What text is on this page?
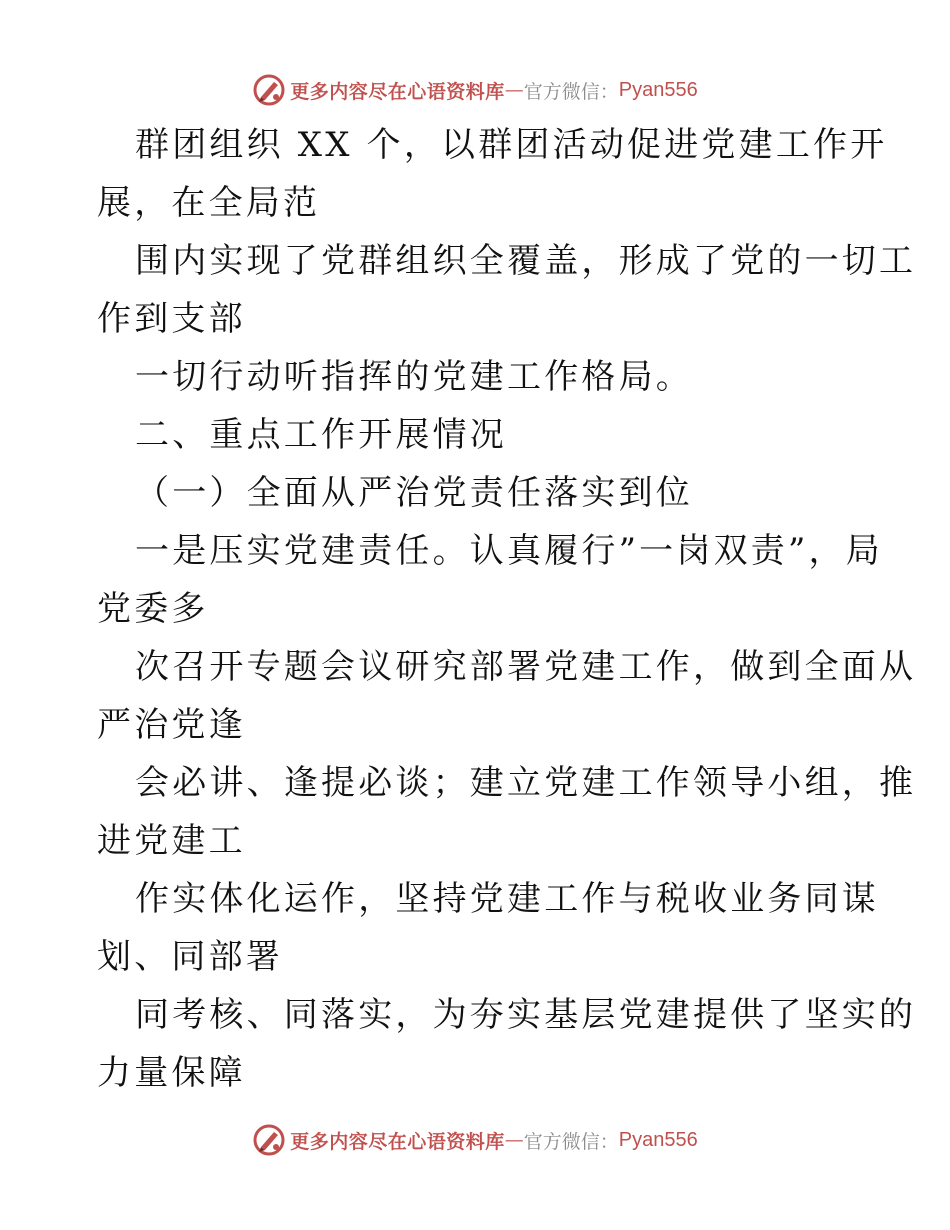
更多内容尽在心语资料库 — 官方微信： Pyan556
群团组织 XX 个，以群团活动促进党建工作开
展，在全局范
围内实现了党群组织全覆盖，形成了党的一切工
作到支部
一切行动听指挥的党建工作格局。
二、重点工作开展情况
（一）全面从严治党责任落实到位
一是压实党建责任。认真履行”一岗双责”，局
党委多
次召开专题会议研究部署党建工作，做到全面从
严治党逢
会必讲、逢提必谈；建立党建工作领导小组，推
进党建工
作实体化运作，坚持党建工作与税收业务同谋
划、同部署
同考核、同落实，为夯实基层党建提供了坚实的
力量保障
更多内容尽在心语资料库 — 官方微信： Pyan556
